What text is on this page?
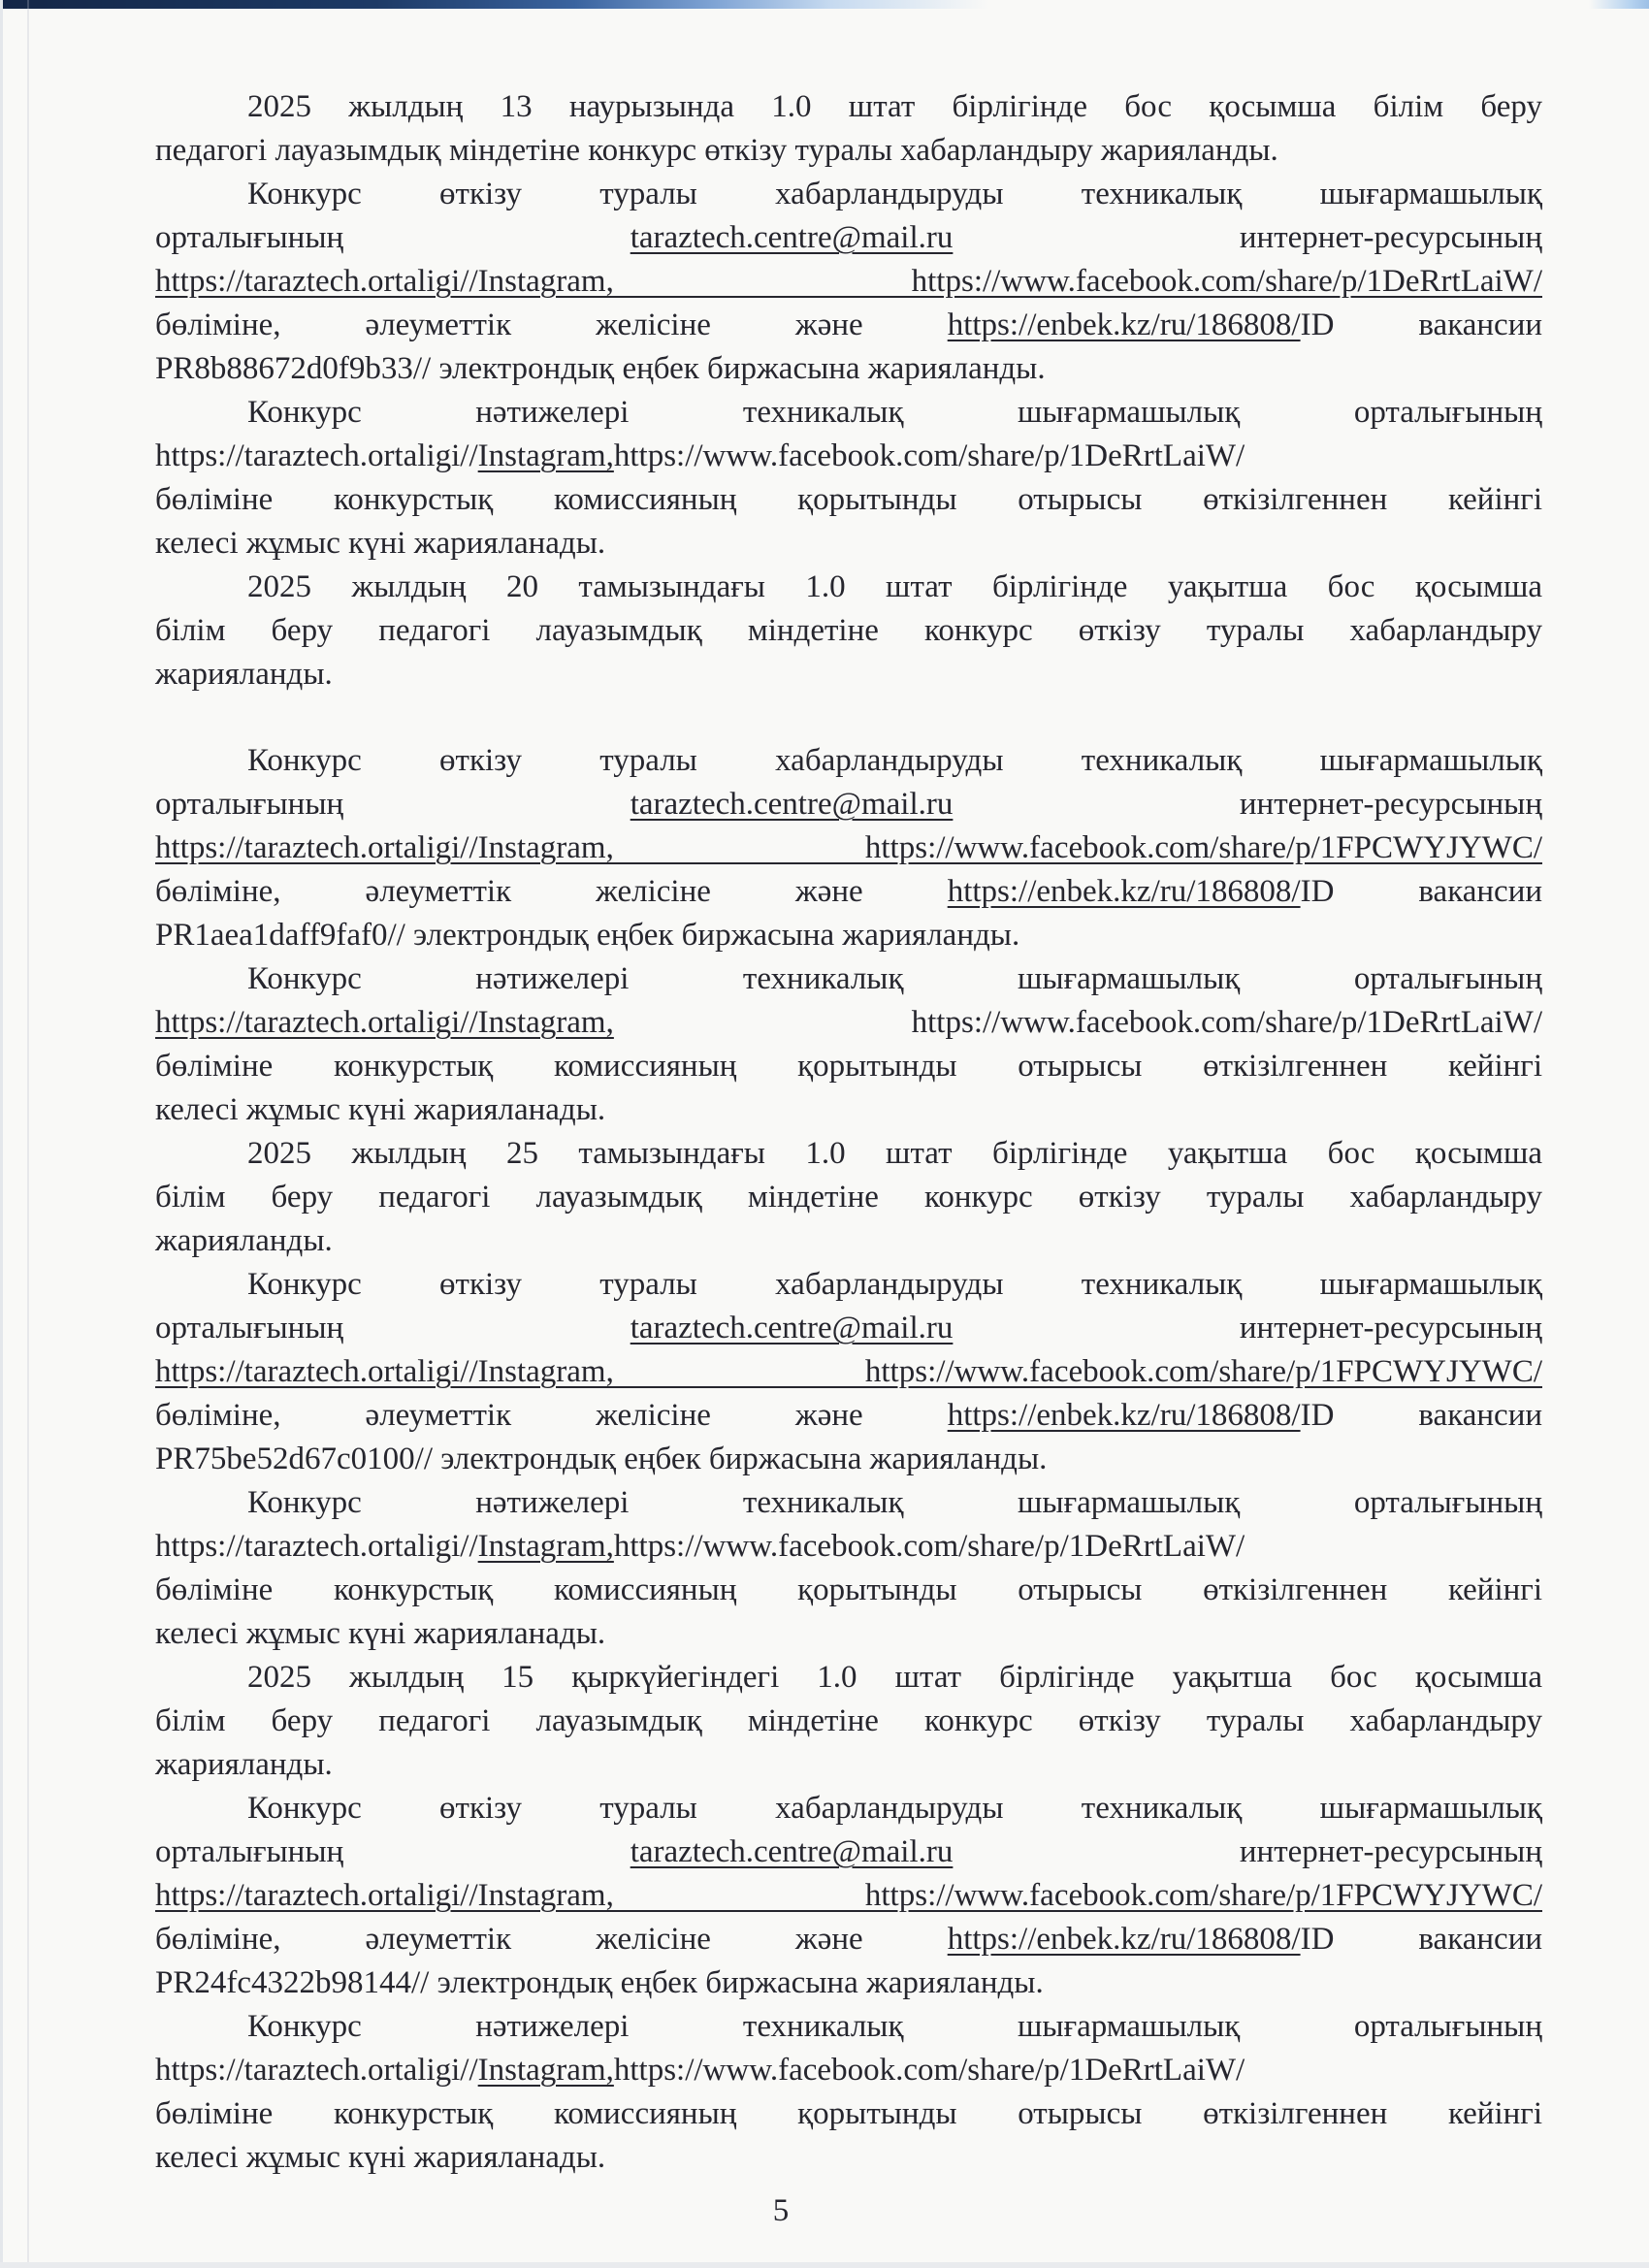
2025 жылдың 13 наурызында 1.0 штат бірлігінде бос қосымша білім беру
педагогі лауазымдық міндетіне конкурс өткізу туралы хабарландыру жарияланды.
Конкурс өткізу туралы хабарландыруды техникалық шығармашылық
орталығының taraztech.centre@mail.ru интернет-ресурсының
https://taraztech.ortaligi//Instagram, https://www.facebook.com/share/p/1DeRrtLaiW/
бөліміне, әлеуметтік желісіне және https://enbek.kz/ru/186808/ID вакансии
PR8b88672d0f9b33// электрондық еңбек биржасына жарияланды.
Конкурс нәтижелері техникалық шығармашылық орталығының
https://taraztech.ortaligi//Instagram,https://www.facebook.com/share/p/1DeRrtLaiW/
бөліміне конкурстық комиссияның қорытынды отырысы өткізілгеннен кейінгі
келесі жұмыс күні жарияланады.
2025 жылдың 20 тамызындағы 1.0 штат бірлігінде уақытша бос қосымша
білім беру педагогі лауазымдық міндетіне конкурс өткізу туралы хабарландыру
жарияланды.
Конкурс өткізу туралы хабарландыруды техникалық шығармашылық
орталығының taraztech.centre@mail.ru интернет-ресурсының
https://taraztech.ortaligi//Instagram, https://www.facebook.com/share/p/1FPCWYJYWC/
бөліміне, әлеуметтік желісіне және https://enbek.kz/ru/186808/ID вакансии
PR1aea1daff9faf0// электрондық еңбек биржасына жарияланды.
Конкурс нәтижелері техникалық шығармашылық орталығының
https://taraztech.ortaligi//Instagram, https://www.facebook.com/share/p/1DeRrtLaiW/
бөліміне конкурстық комиссияның қорытынды отырысы өткізілгеннен кейінгі
келесі жұмыс күні жарияланады.
2025 жылдың 25 тамызындағы 1.0 штат бірлігінде уақытша бос қосымша
білім беру педагогі лауазымдық міндетіне конкурс өткізу туралы хабарландыру
жарияланды.
Конкурс өткізу туралы хабарландыруды техникалық шығармашылық
орталығының taraztech.centre@mail.ru интернет-ресурсының
https://taraztech.ortaligi//Instagram, https://www.facebook.com/share/p/1FPCWYJYWC/
бөліміне, әлеуметтік желісіне және https://enbek.kz/ru/186808/ID вакансии
PR75be52d67c0100// электрондық еңбек биржасына жарияланды.
Конкурс нәтижелері техникалық шығармашылық орталығының
https://taraztech.ortaligi//Instagram,https://www.facebook.com/share/p/1DeRrtLaiW/
бөліміне конкурстық комиссияның қорытынды отырысы өткізілгеннен кейінгі
келесі жұмыс күні жарияланады.
2025 жылдың 15 қыркүйегіндегі 1.0 штат бірлігінде уақытша бос қосымша
білім беру педагогі лауазымдық міндетіне конкурс өткізу туралы хабарландыру
жарияланды.
Конкурс өткізу туралы хабарландыруды техникалық шығармашылық
орталығының taraztech.centre@mail.ru интернет-ресурсының
https://taraztech.ortaligi//Instagram, https://www.facebook.com/share/p/1FPCWYJYWC/
бөліміне, әлеуметтік желісіне және https://enbek.kz/ru/186808/ID вакансии
PR24fc4322b98144// электрондық еңбек биржасына жарияланды.
Конкурс нәтижелері техникалық шығармашылық орталығының
https://taraztech.ortaligi//Instagram,https://www.facebook.com/share/p/1DeRrtLaiW/
бөліміне конкурстық комиссияның қорытынды отырысы өткізілгеннен кейінгі
келесі жұмыс күні жарияланады.
5
